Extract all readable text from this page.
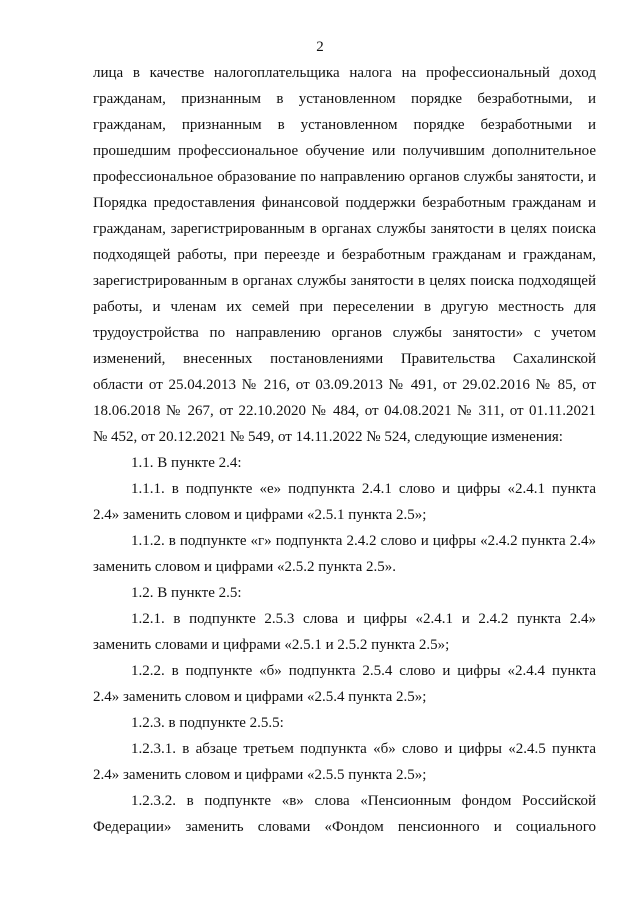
2
лица в качестве налогоплательщика налога на профессиональный доход
гражданам, признанным в установленном порядке безработными, и
гражданам, признанным в установленном порядке безработными и
прошедшим профессиональное обучение или получившим дополнительное
профессиональное образование по направлению органов службы занятости, и
Порядка предоставления финансовой поддержки безработным гражданам и
гражданам, зарегистрированным в органах службы занятости в целях поиска
подходящей работы, при переезде и безработным гражданам и гражданам,
зарегистрированным в органах службы занятости в целях поиска подходящей
работы, и членам их семей при переселении в другую местность для
трудоустройства по направлению органов службы занятости» с учетом
изменений, внесенных постановлениями Правительства Сахалинской
области от 25.04.2013 № 216, от 03.09.2013 № 491, от 29.02.2016 № 85, от
18.06.2018 № 267, от 22.10.2020 № 484, от 04.08.2021 № 311, от 01.11.2021
№ 452, от 20.12.2021 № 549, от 14.11.2022 № 524, следующие изменения:
1.1. В пункте 2.4:
1.1.1. в подпункте «е» подпункта 2.4.1 слово и цифры «2.4.1 пункта
2.4» заменить словом и цифрами «2.5.1 пункта 2.5»;
1.1.2. в подпункте «г» подпункта 2.4.2 слово и цифры «2.4.2 пункта 2.4»
заменить словом и цифрами «2.5.2 пункта 2.5».
1.2. В пункте 2.5:
1.2.1. в подпункте 2.5.3 слова и цифры «2.4.1 и 2.4.2 пункта 2.4»
заменить словами и цифрами «2.5.1 и 2.5.2 пункта 2.5»;
1.2.2. в подпункте «б» подпункта 2.5.4 слово и цифры «2.4.4 пункта
2.4» заменить словом и цифрами «2.5.4 пункта 2.5»;
1.2.3. в подпункте 2.5.5:
1.2.3.1. в абзаце третьем подпункта «б» слово и цифры «2.4.5 пункта
2.4» заменить словом и цифрами «2.5.5 пункта 2.5»;
1.2.3.2. в подпункте «в» слова «Пенсионным фондом Российской
Федерации» заменить словами «Фондом пенсионного и социального
